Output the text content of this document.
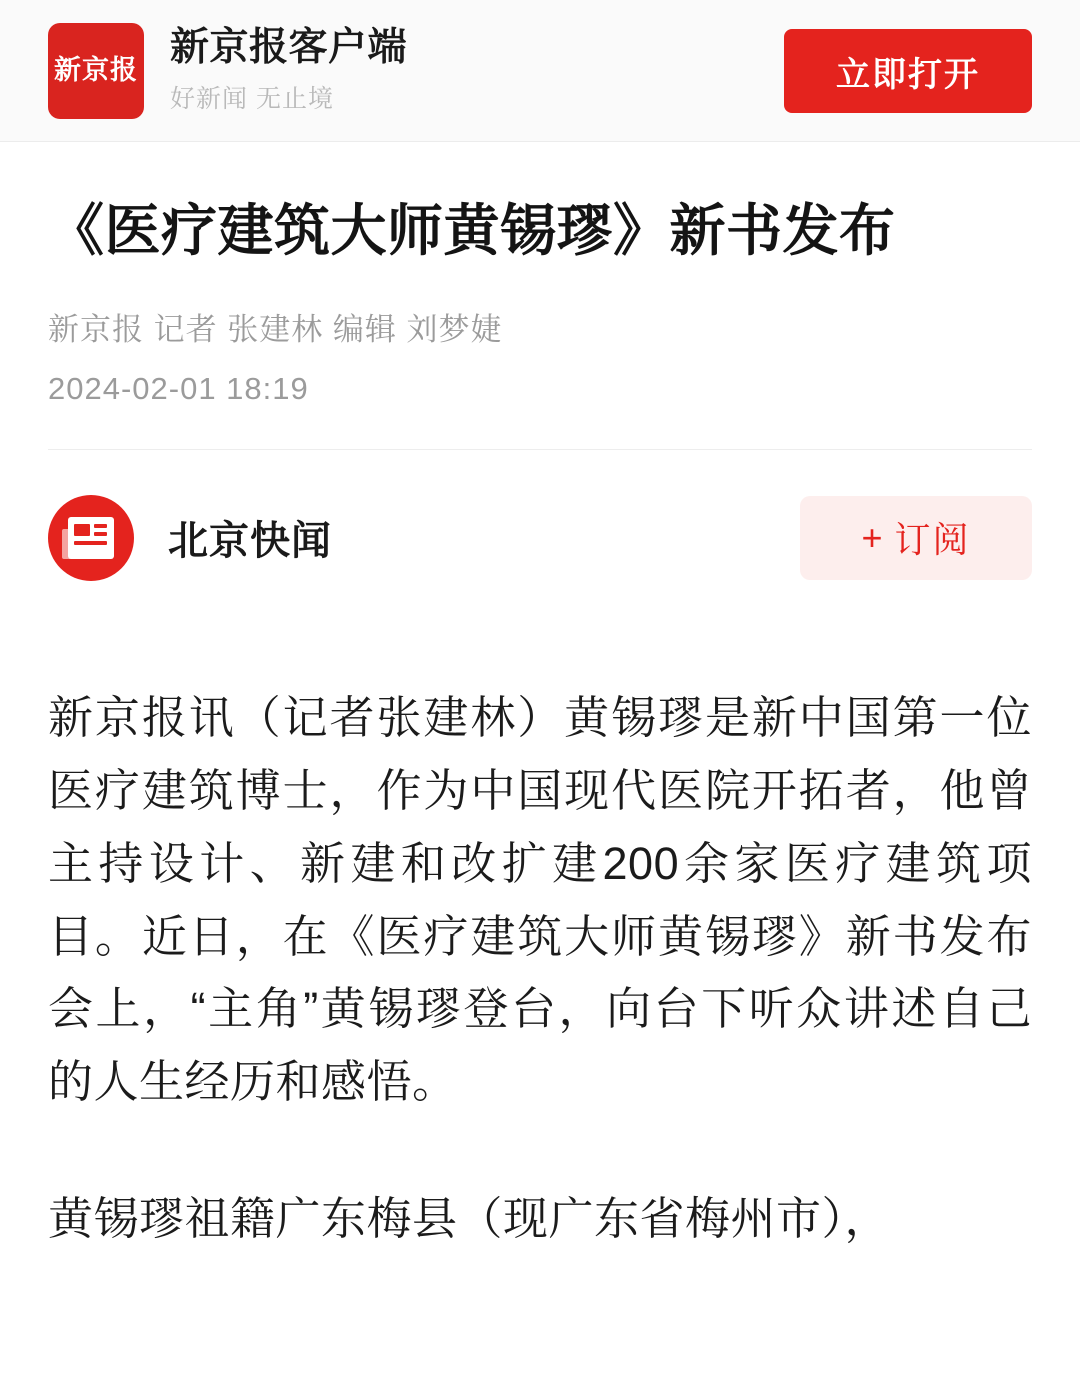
新京报
新京报客户端
好新闻 无止境
立即打开
《医疗建筑大师黄锡璆》新书发布
新京报 记者 张建林 编辑 刘梦婕
2024-02-01 18:19
北京快闻	+ 订阅

新京报讯（记者张建林）黄锡璆是新中国第一位医疗建筑博士，作为中国现代医院开拓者，他曾主持设计、新建和改扩建200余家医疗建筑项目。近日，在《医疗建筑大师黄锡璆》新书发布会上，“主角”黄锡璆登台，向台下听众讲述自己的人生经历和感悟。

黄锡璆祖籍广东梅县（现广东省梅州市），
